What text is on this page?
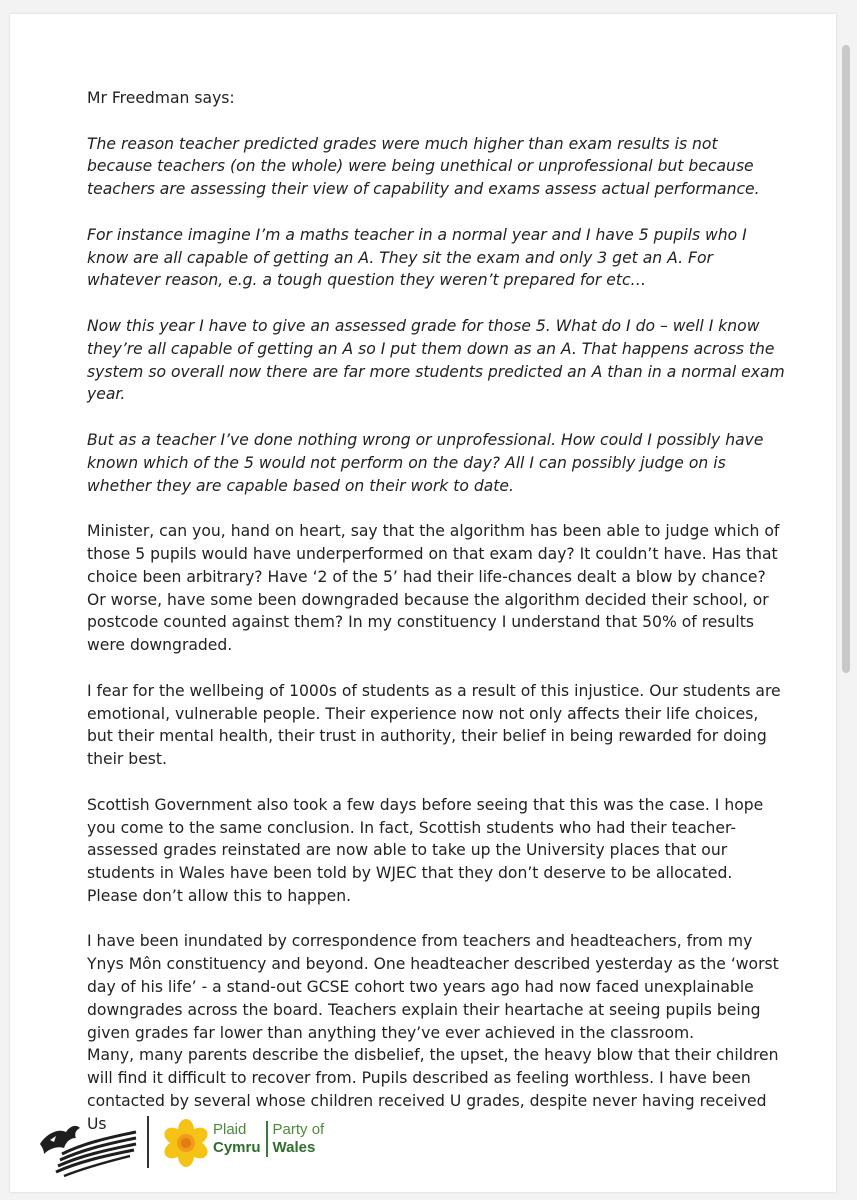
Mr Freedman says:

The reason teacher predicted grades were much higher than exam results is not because teachers (on the whole) were being unethical or unprofessional but because teachers are assessing their view of capability and exams assess actual performance.

For instance imagine I’m a maths teacher in a normal year and I have 5 pupils who I know are all capable of getting an A. They sit the exam and only 3 get an A. For whatever reason, e.g. a tough question they weren’t prepared for etc…

Now this year I have to give an assessed grade for those 5. What do I do – well I know they’re all capable of getting an A so I put them down as an A. That happens across the system so overall now there are far more students predicted an A than in a normal exam year.

But as a teacher I’ve done nothing wrong or unprofessional. How could I possibly have known which of the 5 would not perform on the day? All I can possibly judge on is whether they are capable based on their work to date.

Minister, can you, hand on heart, say that the algorithm has been able to judge which of those 5 pupils would have underperformed on that exam day? It couldn’t have. Has that choice been arbitrary? Have ‘2 of the 5’ had their life-chances dealt a blow by chance? Or worse, have some been downgraded because the algorithm decided their school, or postcode counted against them? In my constituency I understand that 50% of results were downgraded.

I fear for the wellbeing of 1000s of students as a result of this injustice. Our students are emotional, vulnerable people. Their experience now not only affects their life choices, but their mental health, their trust in authority, their belief in being rewarded for doing their best.

Scottish Government also took a few days before seeing that this was the case. I hope you come to the same conclusion. In fact, Scottish students who had their teacher-assessed grades reinstated are now able to take up the University places that our students in Wales have been told by WJEC that they don’t deserve to be allocated. Please don’t allow this to happen.

I have been inundated by correspondence from teachers and headteachers, from my Ynys Môn constituency and beyond. One headteacher described yesterday as the ‘worst day of his life’ - a stand-out GCSE cohort two years ago had now faced unexplainable downgrades across the board. Teachers explain their heartache at seeing pupils being given grades far lower than anything they’ve ever achieved in the classroom.

Many, many parents describe the disbelief, the upset, the heavy blow that their children will find it difficult to recover from. Pupils described as feeling worthless. I have been contacted by several whose children received U grades, despite never having received Us	Plaid
Cymru
Party of
Wales
